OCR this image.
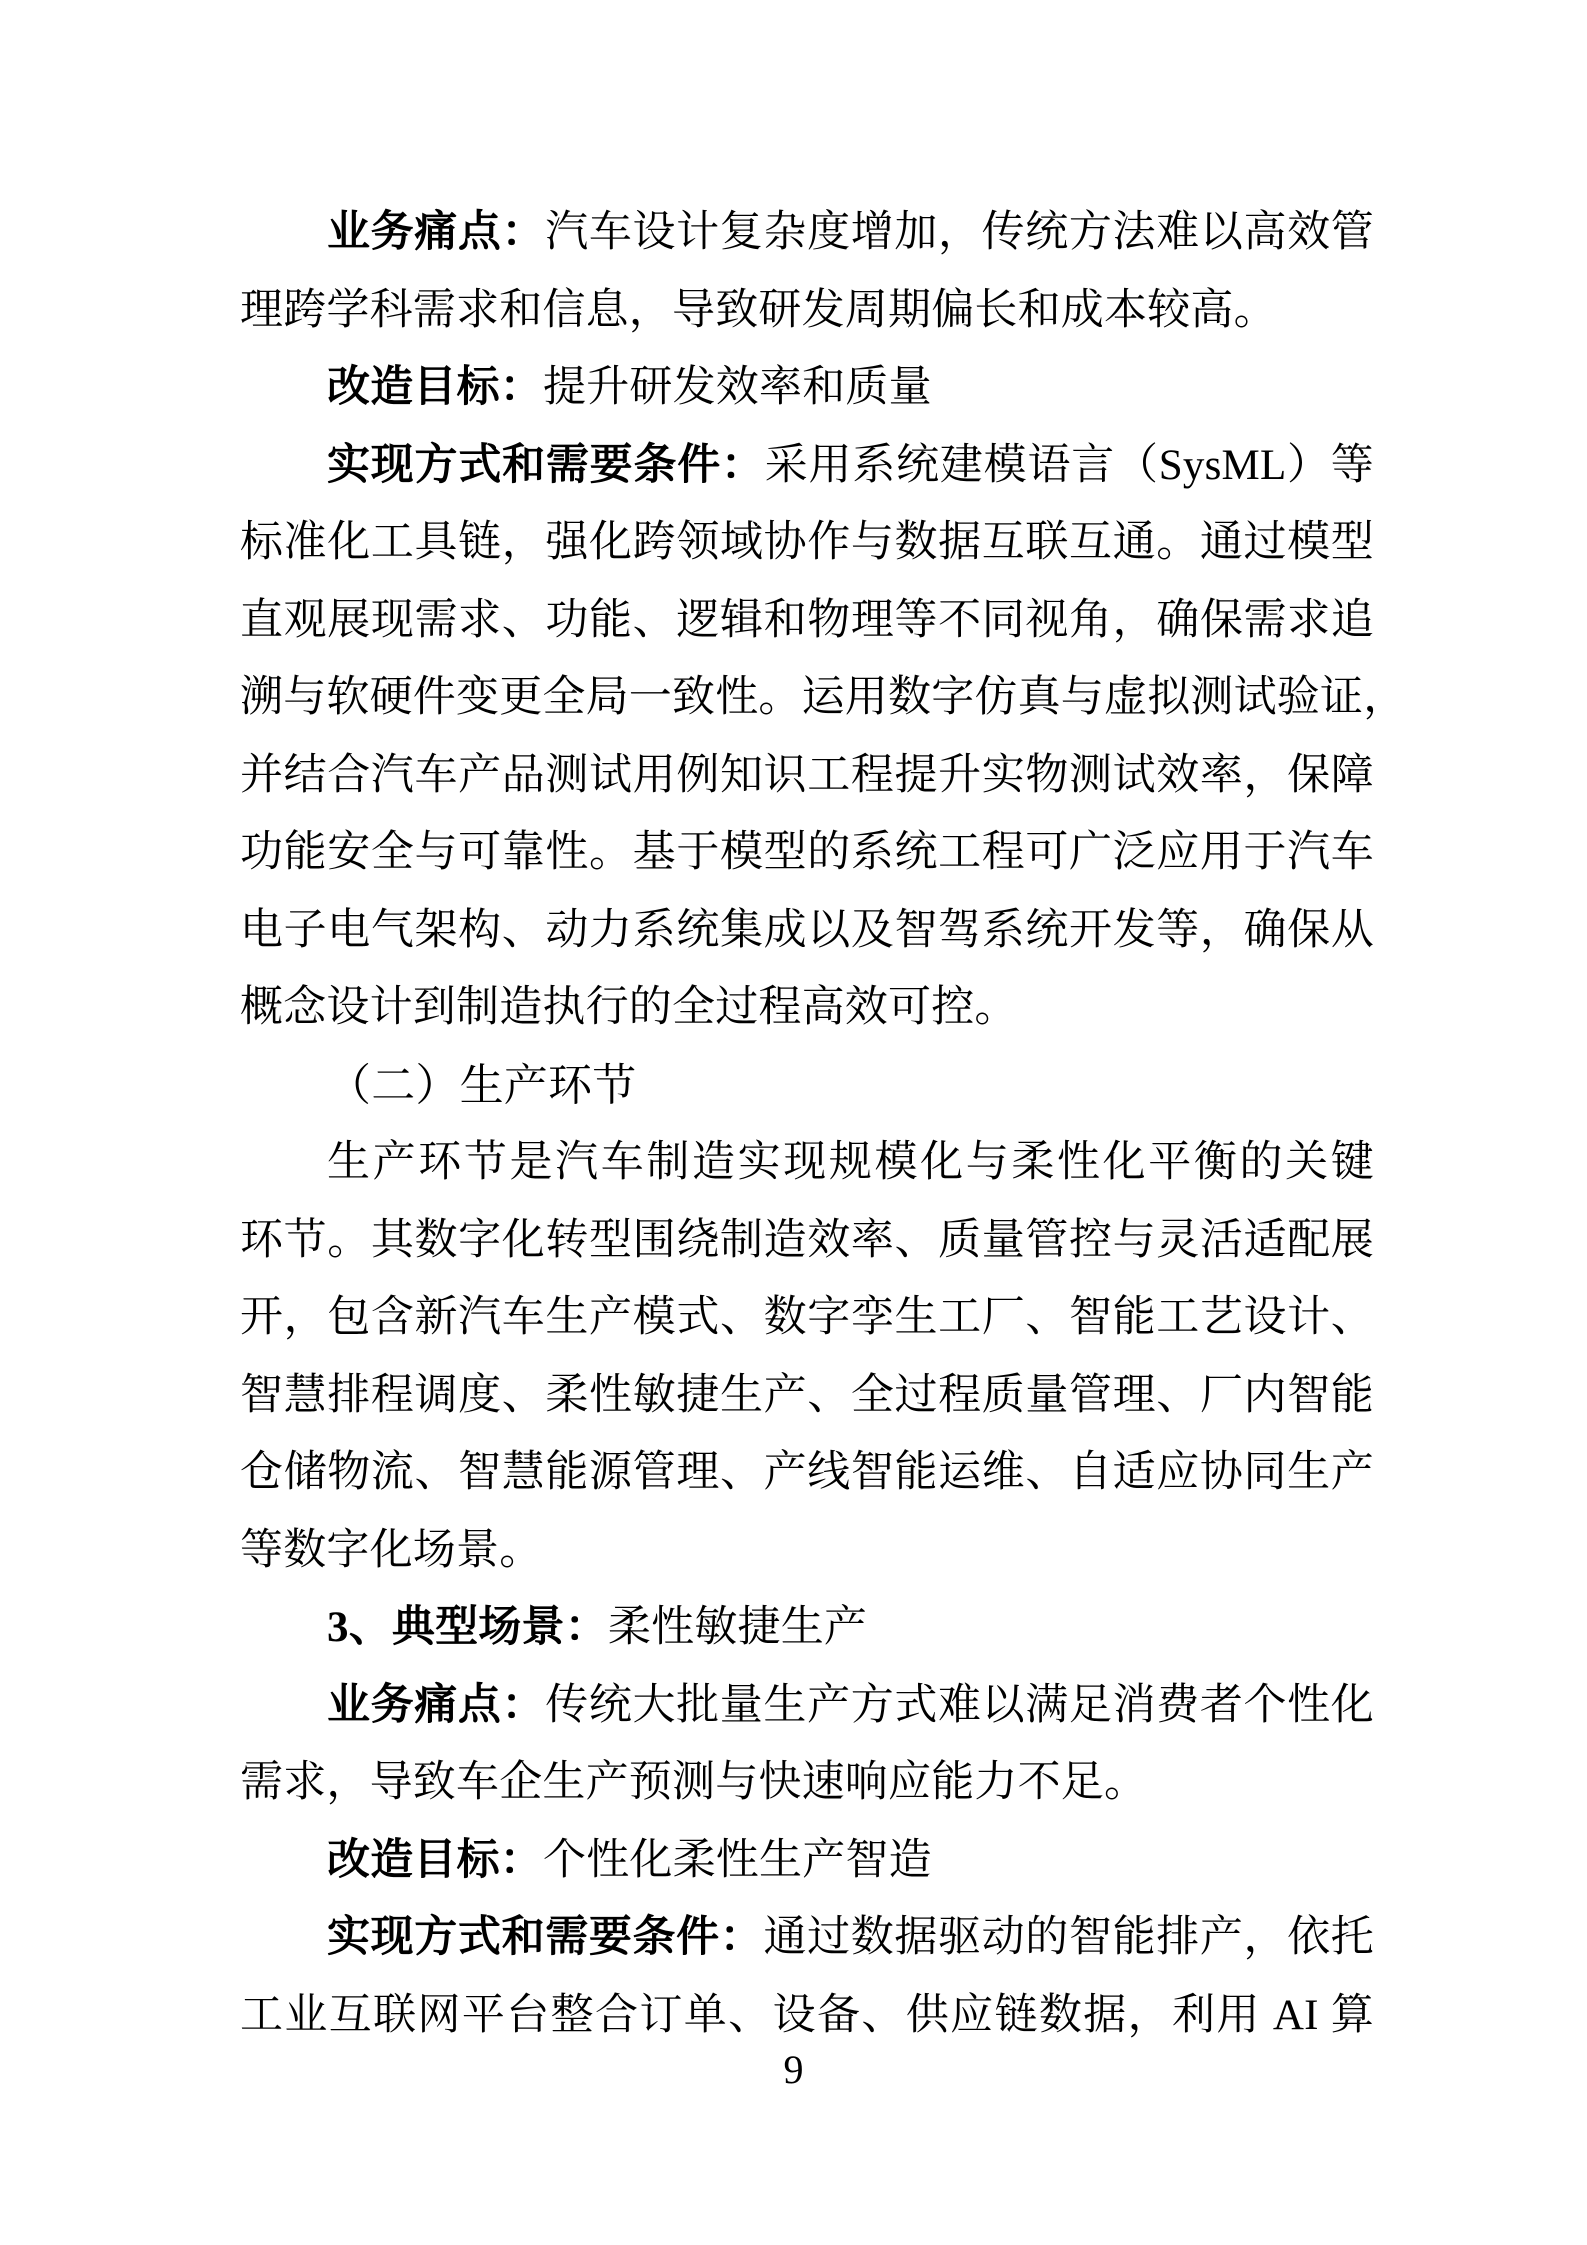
业务痛点：汽车设计复杂度增加，传统方法难以高效管
理跨学科需求和信息，导致研发周期偏长和成本较高。
改造目标：提升研发效率和质量
实现方式和需要条件：采用系统建模语言（SysML）等
标准化工具链，强化跨领域协作与数据互联互通。通过模型
直观展现需求、功能、逻辑和物理等不同视角，确保需求追
溯与软硬件变更全局一致性。运用数字仿真与虚拟测试验证，
并结合汽车产品测试用例知识工程提升实物测试效率，保障
功能安全与可靠性。基于模型的系统工程可广泛应用于汽车
电子电气架构、动力系统集成以及智驾系统开发等，确保从
概念设计到制造执行的全过程高效可控。
（二）生产环节
生产环节是汽车制造实现规模化与柔性化平衡的关键
环节。其数字化转型围绕制造效率、质量管控与灵活适配展
开，包含新汽车生产模式、数字孪生工厂、智能工艺设计、
智慧排程调度、柔性敏捷生产、全过程质量管理、厂内智能
仓储物流、智慧能源管理、产线智能运维、自适应协同生产
等数字化场景。
3、典型场景：柔性敏捷生产
业务痛点：传统大批量生产方式难以满足消费者个性化
需求，导致车企生产预测与快速响应能力不足。
改造目标：个性化柔性生产智造
实现方式和需要条件：通过数据驱动的智能排产，依托
工业互联网平台整合订单、设备、供应链数据，利用 AI 算
9
